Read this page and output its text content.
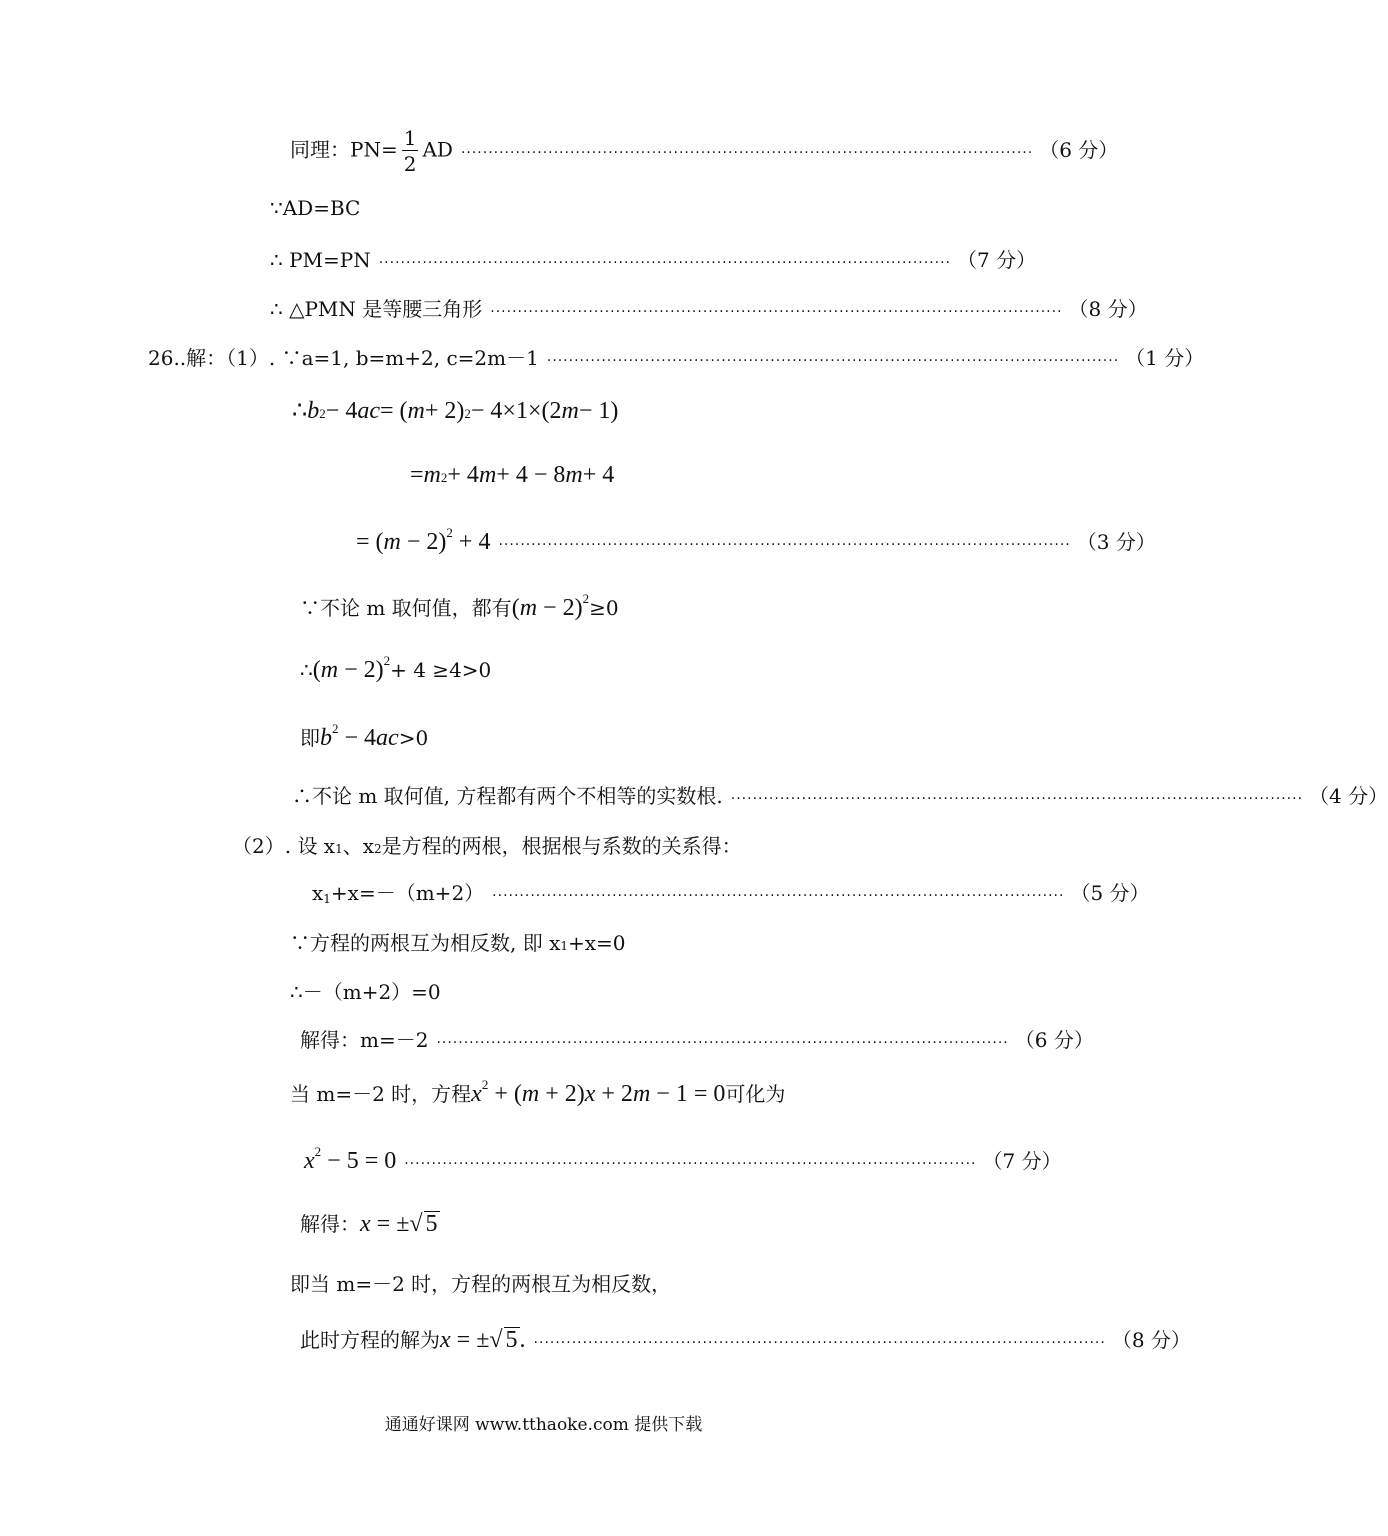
同理：$PN= \frac{1}{2}$ AD ········································································································· （6 分）
∵AD=BC
∴ PM=PN ········································································································· （7 分）
∴ △PMN 是等腰三角形 ········································································································· （8 分）
26..解：（1）. ∵a=1, b=m+2, c=2m－1 ········································································································· （1 分）
∴ b 2 − 4 ac = ( m + 2) 2 − 4×1×(2 m − 1)
= m 2 + 4 m + 4 − 8 m + 4
= $(m - 2)^2 + 4$ ········································································································· （3 分）
∵不论 m 取何值，都有 $(m - 2)^2 \ge 0$
∴ $(m - 2)^2 + 4 \ge 4>0$
即 $b^2 - 4ac >0$
∴不论 m 取何值, 方程都有两个不相等的实数根. ········································································································· （4 分）
（2）. 设 x 1 、x 2 是方程的两根，根据根与系数的关系得：
$x_1+x=-(m+2)$ ········································································································· （5 分）
∵方程的两根互为相反数, 即 x 1 +x=0
∴－（m+2）=0
解得：m=－2 ········································································································· （6 分）
当 m=－2 时，方程 $x^2 + (m + 2)x + 2m - 1 = 0$ 可化为
$x^2 - 5 = 0$ ········································································································· （7 分）
解得： x = ±√ 5
即当 m=－2 时，方程的两根互为相反数，
此时方程的解为x = ±√ 5. ········································································································· （8 分）
通通好课网 www.tthaoke.com 提供下载
